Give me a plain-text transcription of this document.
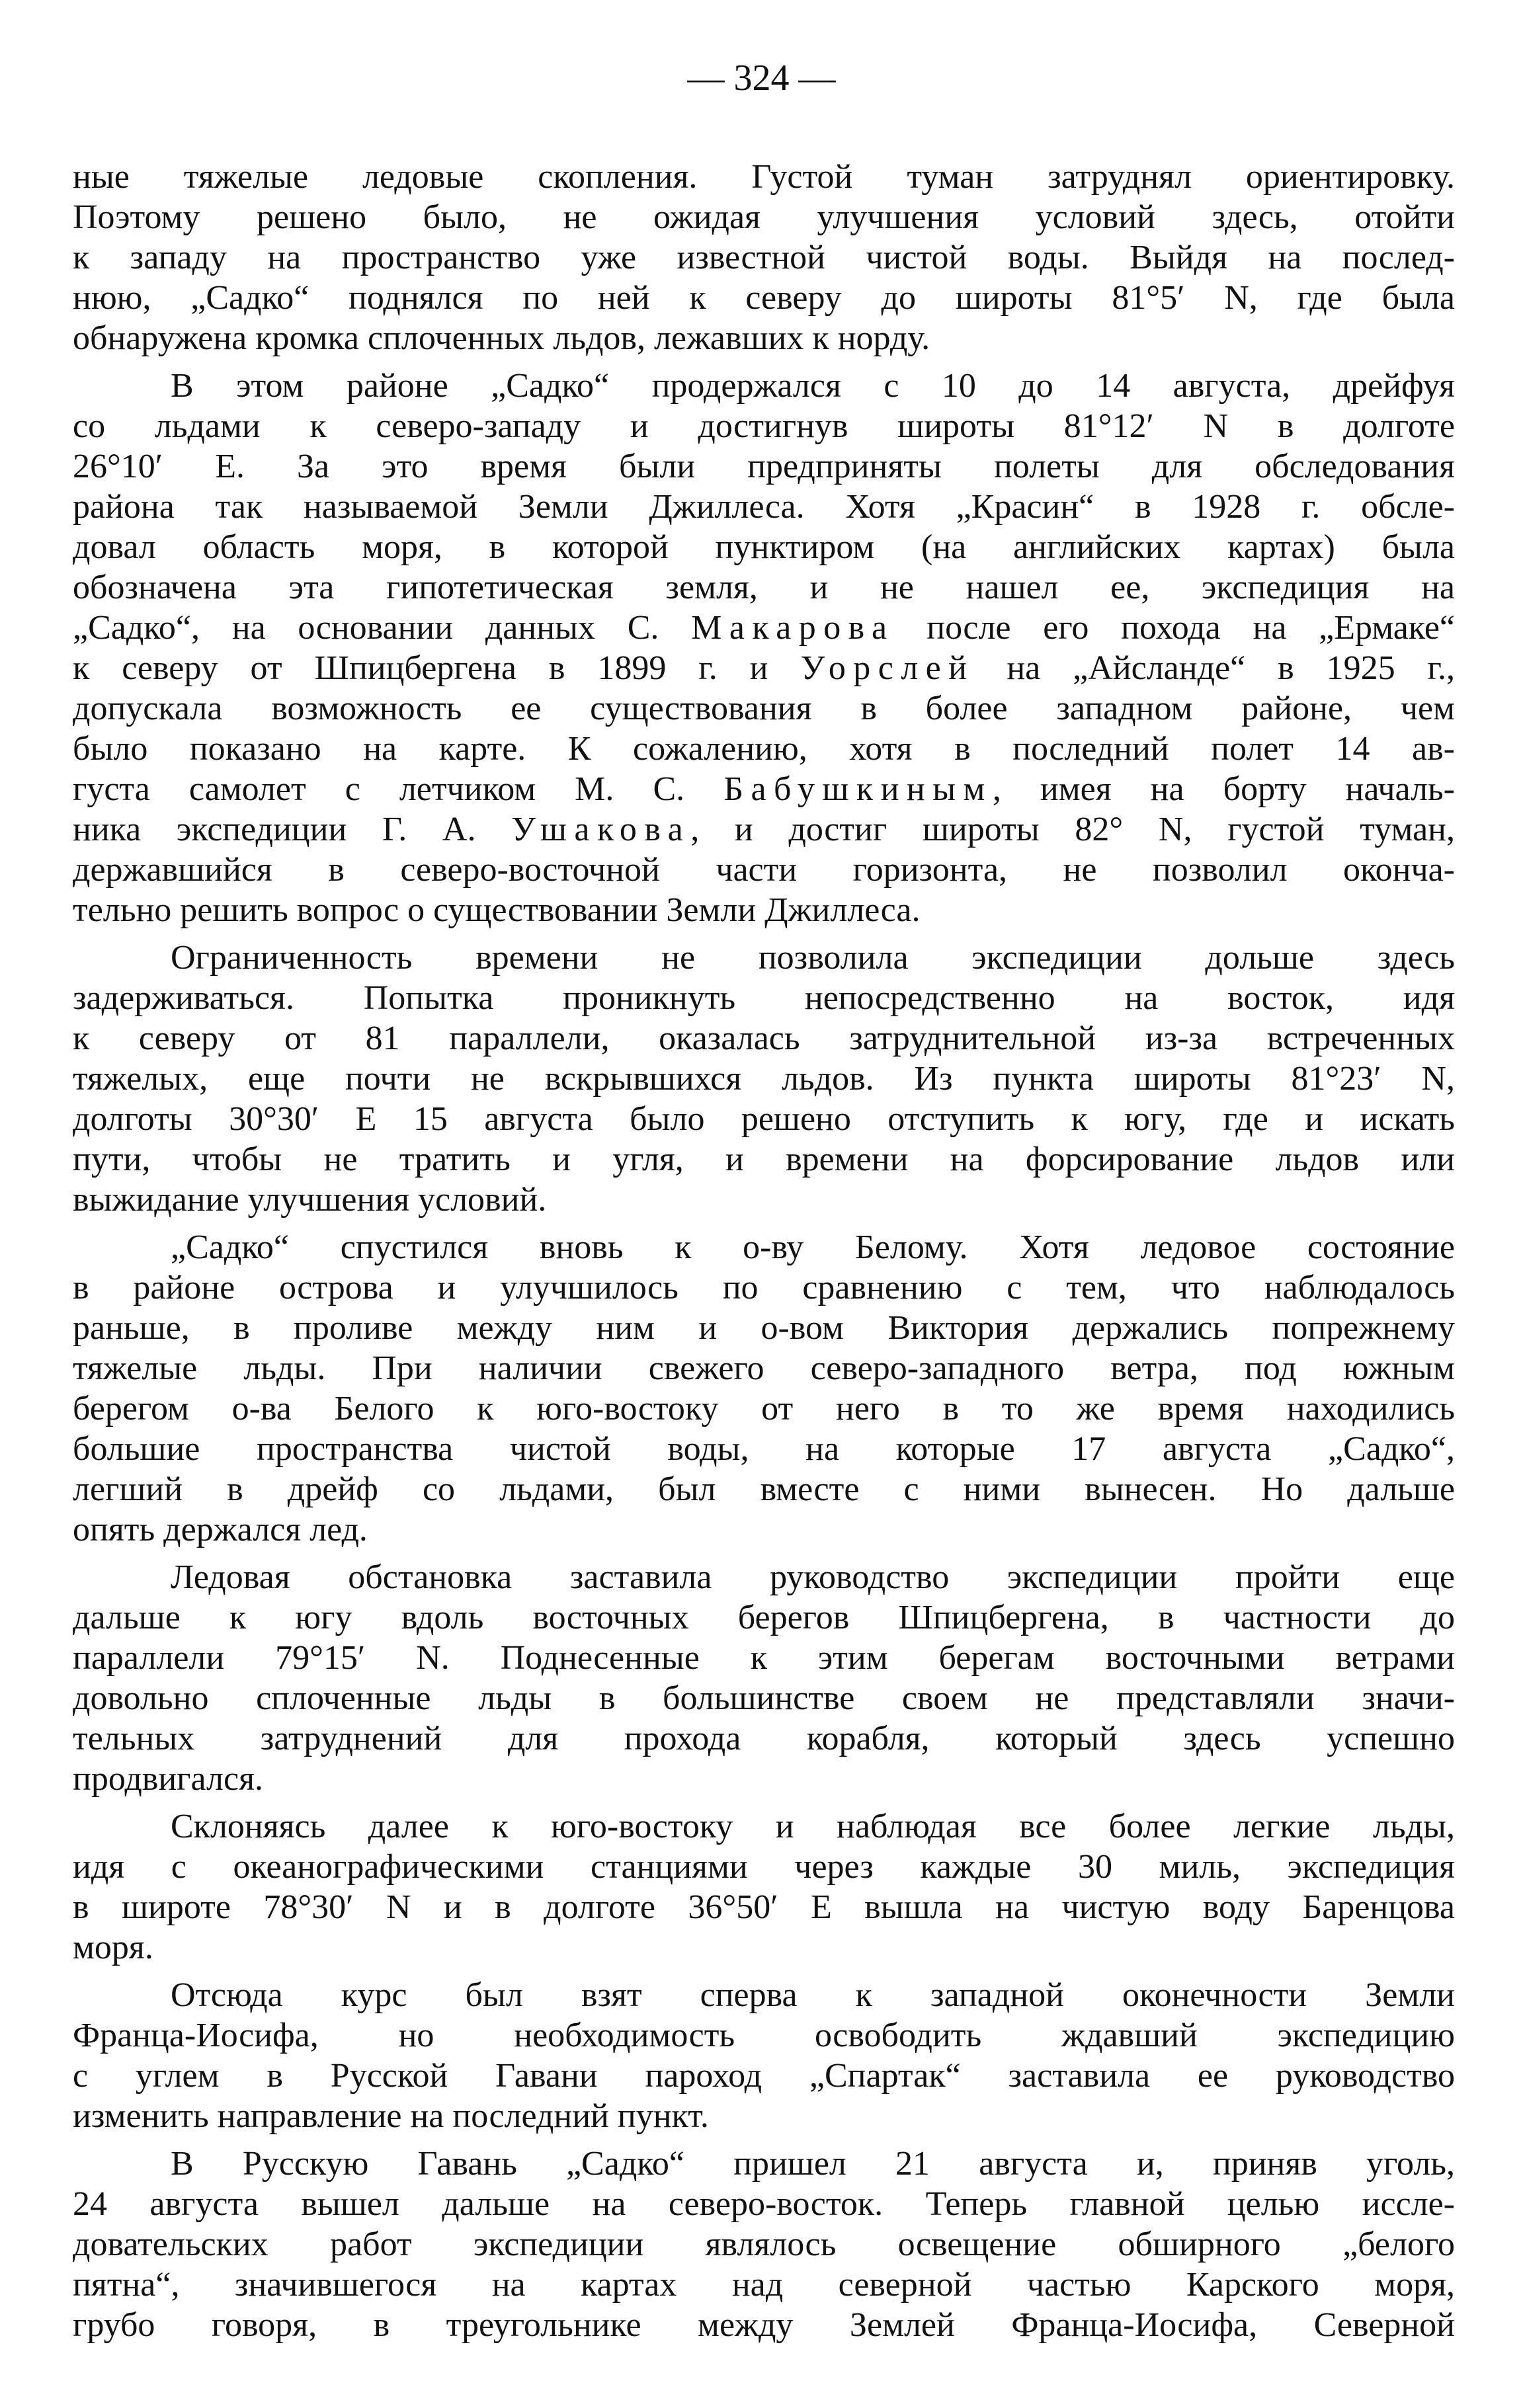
— 324 —
ные тяжелые ледовые скопления. Густой туман затруднял ориентировку.
Поэтому решено было, не ожидая улучшения условий здесь, отойти
к западу на пространство уже известной чистой воды. Выйдя на послед-
нюю, „Садко“ поднялся по ней к северу до широты 81°5′ N, где была
обнаружена кромка сплоченных льдов, лежавших к норду.
В этом районе „Садко“ продержался с 10 до 14 августа, дрейфуя
со льдами к северо-западу и достигнув широты 81°12′ N в долготе
26°10′ E. За это время были предприняты полеты для обследования
района так называемой Земли Джиллеса. Хотя „Красин“ в 1928 г. обсле-
довал область моря, в которой пунктиром (на английских картах) была
обозначена эта гипотетическая земля, и не нашел ее, экспедиция на
„Садко“, на основании данных С. Макарова после его похода на „Ермаке“
к северу от Шпицбергена в 1899 г. и Уорслей на „Айсланде“ в 1925 г.,
допускала возможность ее существования в более западном районе, чем
было показано на карте. К сожалению, хотя в последний полет 14 ав-
густа самолет с летчиком М. С. Бабушкиным, имея на борту началь-
ника экспедиции Г. А. Ушакова, и достиг широты 82° N, густой туман,
державшийся в северо-восточной части горизонта, не позволил оконча-
тельно решить вопрос о существовании Земли Джиллеса.
Ограниченность времени не позволила экспедиции дольше здесь
задерживаться. Попытка проникнуть непосредственно на восток, идя
к северу от 81 параллели, оказалась затруднительной из-за встреченных
тяжелых, еще почти не вскрывшихся льдов. Из пункта широты 81°23′ N,
долготы 30°30′ E 15 августа было решено отступить к югу, где и искать
пути, чтобы не тратить и угля, и времени на форсирование льдов или
выжидание улучшения условий.
„Садко“ спустился вновь к о-ву Белому. Хотя ледовое состояние
в районе острова и улучшилось по сравнению с тем, что наблюдалось
раньше, в проливе между ним и о-вом Виктория держались попрежнему
тяжелые льды. При наличии свежего северо-западного ветра, под южным
берегом о-ва Белого к юго-востоку от него в то же время находились
большие пространства чистой воды, на которые 17 августа „Садко“,
легший в дрейф со льдами, был вместе с ними вынесен. Но дальше
опять держался лед.
Ледовая обстановка заставила руководство экспедиции пройти еще
дальше к югу вдоль восточных берегов Шпицбергена, в частности до
параллели 79°15′ N. Поднесенные к этим берегам восточными ветрами
довольно сплоченные льды в большинстве своем не представляли значи-
тельных затруднений для прохода корабля, который здесь успешно
продвигался.
Склоняясь далее к юго-востоку и наблюдая все более легкие льды,
идя с океанографическими станциями через каждые 30 миль, экспедиция
в широте 78°30′ N и в долготе 36°50′ E вышла на чистую воду Баренцова
моря.
Отсюда курс был взят сперва к западной оконечности Земли
Франца-Иосифа, но необходимость освободить ждавший экспедицию
с углем в Русской Гавани пароход „Спартак“ заставила ее руководство
изменить направление на последний пункт.
В Русскую Гавань „Садко“ пришел 21 августа и, приняв уголь,
24 августа вышел дальше на северо-восток. Теперь главной целью иссле-
довательских работ экспедиции являлось освещение обширного „белого
пятна“, значившегося на картах над северной частью Карского моря,
грубо говоря, в треугольнике между Землей Франца-Иосифа, Северной
